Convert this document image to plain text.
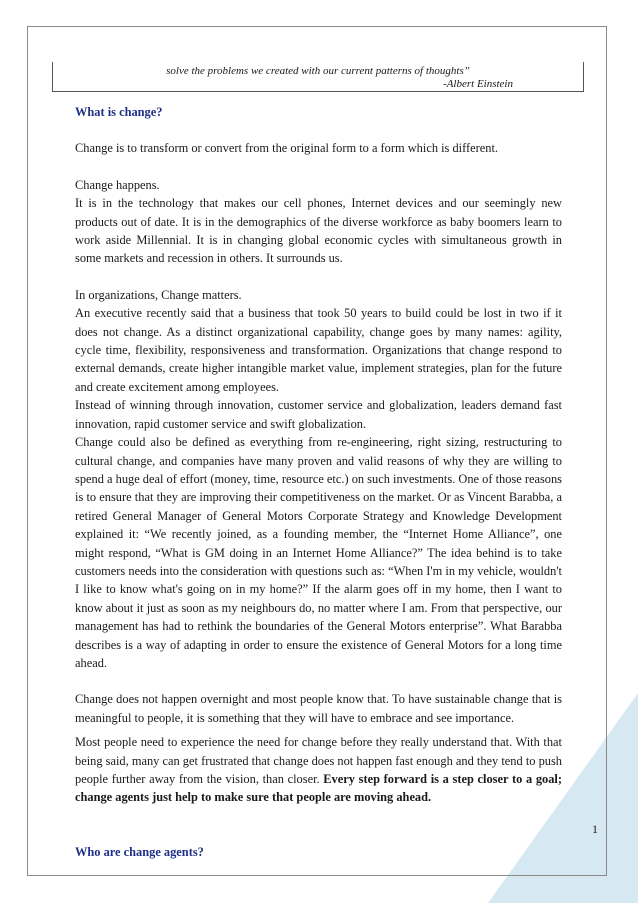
solve the problems we created with our current patterns of thoughts”
-Albert Einstein

What is change?

Change is to transform or convert from the original form to a form which is different.

Change happens.

It is in the technology that makes our cell phones, Internet devices and our seemingly new products out of date. It is in the demographics of the diverse workforce as baby boomers learn to work aside Millennial. It is in changing global economic cycles with simultaneous growth in some markets and recession in others. It surrounds us.

In organizations, Change matters.

An executive recently said that a business that took 50 years to build could be lost in two if it does not change. As a distinct organizational capability, change goes by many names: agility, cycle time, flexibility, responsiveness and transformation. Organizations that change respond to external demands, create higher intangible market value, implement strategies, plan for the future and create excitement among employees.

Instead of winning through innovation, customer service and globalization, leaders demand fast innovation, rapid customer service and swift globalization.

Change could also be defined as everything from re-engineering, right sizing, restructuring to cultural change, and companies have many proven and valid reasons of why they are willing to spend a huge deal of effort (money, time, resource etc.) on such investments. One of those reasons is to ensure that they are improving their competitiveness on the market. Or as Vincent Barabba, a retired General Manager of General Motors Corporate Strategy and Knowledge Development explained it: “We recently joined, as a founding member, the “Internet Home Alliance”, one might respond, “What is GM doing in an Internet Home Alliance?” The idea behind is to take customers needs into the consideration with questions such as: “When I'm in my vehicle, wouldn't I like to know what's going on in my home?” If the alarm goes off in my home, then I want to know about it just as soon as my neighbours do, no matter where I am. From that perspective, our management has had to rethink the boundaries of the General Motors enterprise”. What Barabba describes is a way of adapting in order to ensure the existence of General Motors for a long time ahead.

Change does not happen overnight and most people know that. To have sustainable change that is meaningful to people, it is something that they will have to embrace and see importance.

Most people need to experience the need for change before they really understand that. With that being said, many can get frustrated that change does not happen fast enough and they tend to push people further away from the vision, than closer. Every step forward is a step closer to a goal; change agents just help to make sure that people are moving ahead.

Who are change agents?

1
